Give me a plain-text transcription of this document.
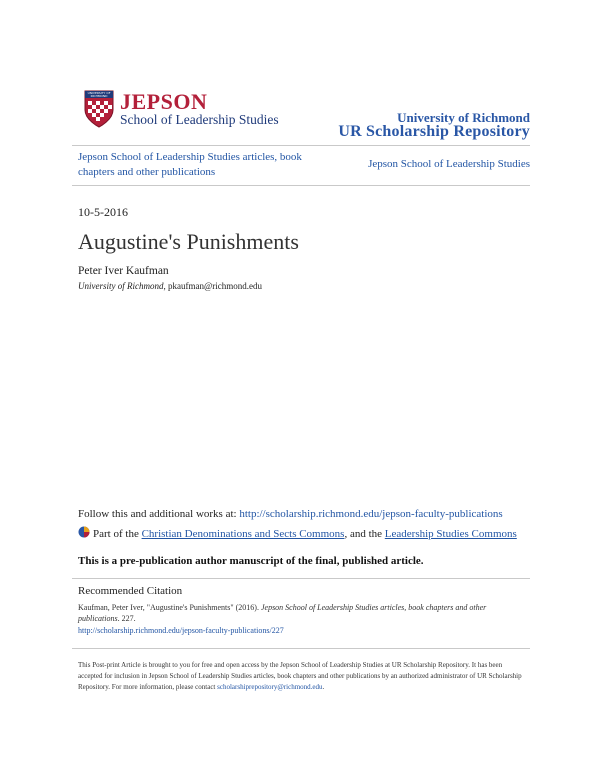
UNIVERSITY OF RICHMOND JEPSON
School of Leadership Studies	University of Richmond
UR Scholarship Repository
Jepson School of Leadership Studies articles, book chapters and other publications
Jepson School of Leadership Studies
10-5-2016
Augustine's Punishments
Peter Iver Kaufman
University of Richmond, pkaufman@richmond.edu
Follow this and additional works at: http://scholarship.richmond.edu/jepson-faculty-publications
Part of the Christian Denominations and Sects Commons, and the Leadership Studies Commons
This is a pre-publication author manuscript of the final, published article.
Recommended Citation
Kaufman, Peter Iver, "Augustine's Punishments" (2016). Jepson School of Leadership Studies articles, book chapters and other publications. 227.
http://scholarship.richmond.edu/jepson-faculty-publications/227
This Post-print Article is brought to you for free and open access by the Jepson School of Leadership Studies at UR Scholarship Repository. It has been accepted for inclusion in Jepson School of Leadership Studies articles, book chapters and other publications by an authorized administrator of UR Scholarship Repository. For more information, please contact scholarshiprepository@richmond.edu.
